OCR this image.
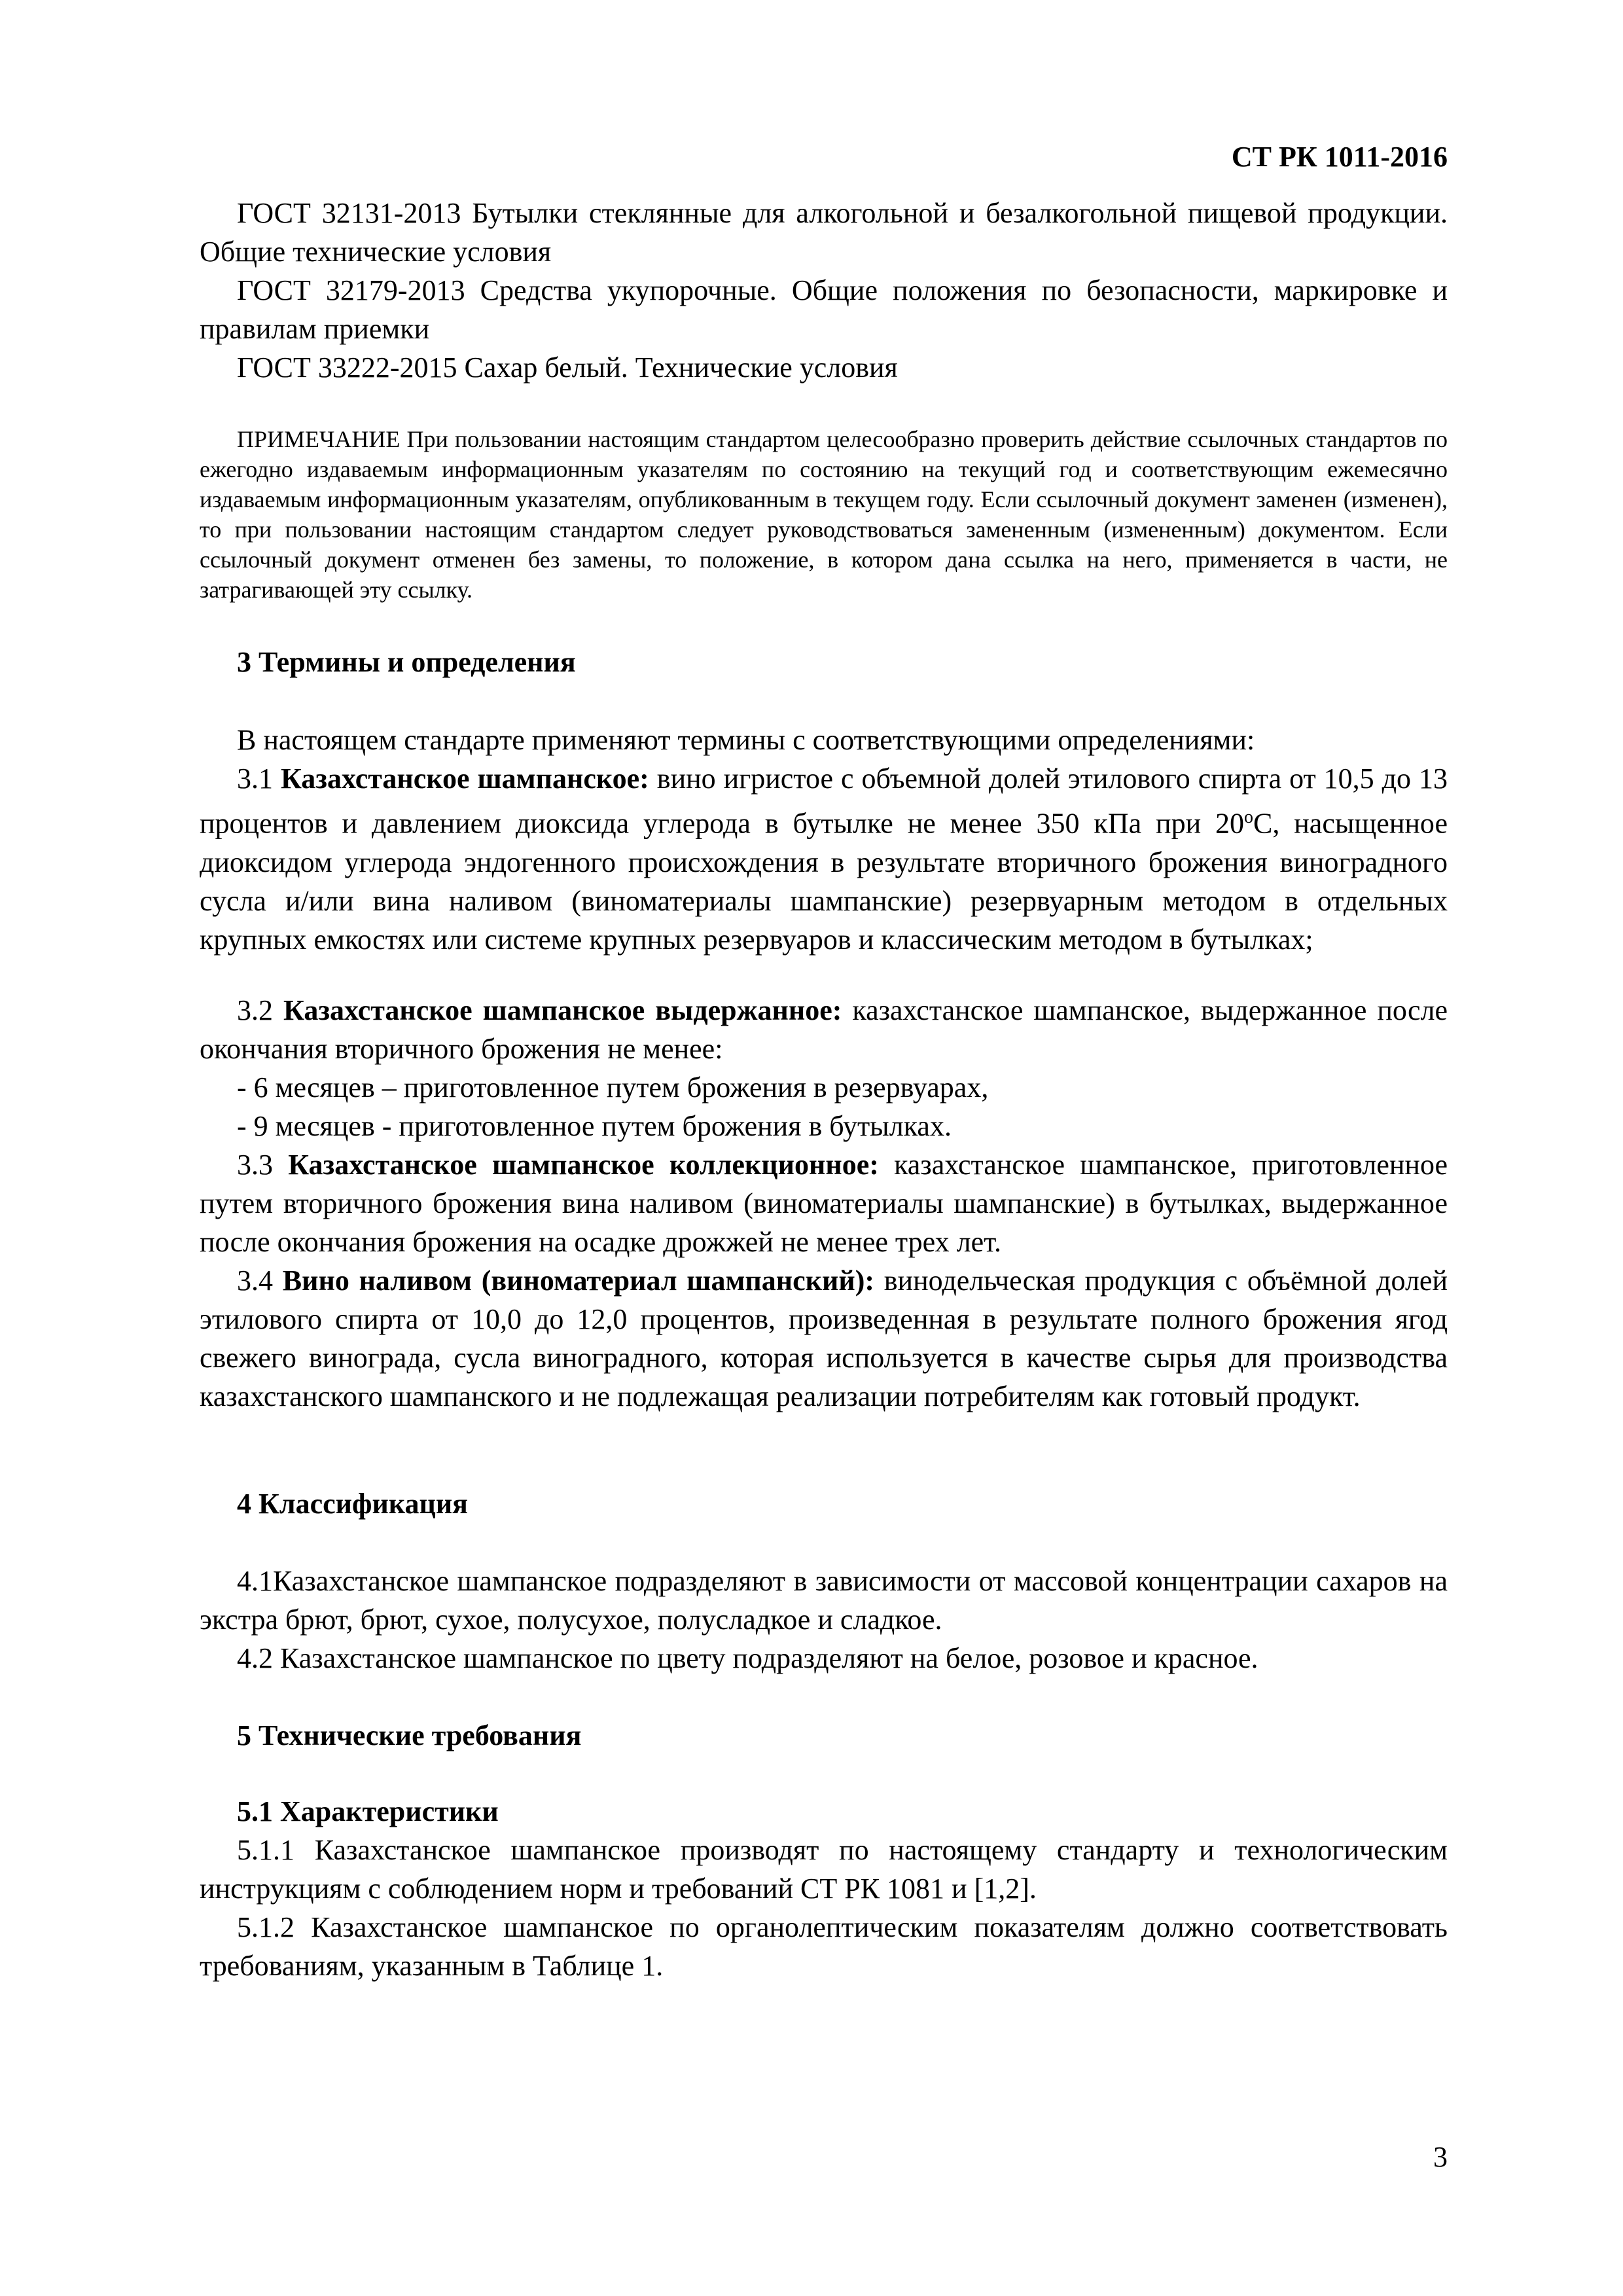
СТ РК 1011-2016

ГОСТ 32131-2013 Бутылки стеклянные для алкогольной и безалкогольной пищевой продукции. Общие технические условия

ГОСТ 32179-2013 Средства укупорочные. Общие положения по безопасности, маркировке и правилам приемки

ГОСТ 33222-2015 Сахар белый. Технические условия

ПРИМЕЧАНИЕ При пользовании настоящим стандартом целесообразно проверить действие ссылочных стандартов по ежегодно издаваемым информационным указателям по состоянию на текущий год и соответствующим ежемесячно издаваемым информационным указателям, опубликованным в текущем году. Если ссылочный документ заменен (изменен), то при пользовании настоящим стандартом следует руководствоваться замененным (измененным) документом. Если ссылочный документ отменен без замены, то положение, в котором дана ссылка на него, применяется в части, не затрагивающей эту ссылку.

3 Термины и определения

В настоящем стандарте применяют термины с соответствующими определениями:

3.1 Казахстанское шампанское: вино игристое с объемной долей этилового спирта от 10,5 до 13 процентов и давлением диоксида углерода в бутылке не менее 350 кПа при $20^оС$, насыщенное диоксидом углерода эндогенного происхождения в результате вторичного брожения виноградного сусла и/или вина наливом (виноматериалы шампанские) резервуарным методом в отдельных крупных емкостях или системе крупных резервуаров и классическим методом в бутылках;

3.2 Казахстанское шампанское выдержанное: казахстанское шампанское, выдержанное после окончания вторичного брожения не менее:

- 6 месяцев – приготовленное путем брожения в резервуарах,

- 9 месяцев - приготовленное путем брожения в бутылках.

3.3 Казахстанское шампанское коллекционное: казахстанское шампанское, приготовленное путем вторичного брожения вина наливом (виноматериалы шампанские) в бутылках, выдержанное после окончания брожения на осадке дрожжей не менее трех лет.

3.4 Вино наливом (виноматериал шампанский): винодельческая продукция с объёмной долей этилового спирта от 10,0 до 12,0 процентов, произведенная в результате полного брожения ягод свежего винограда, сусла виноградного, которая используется в качестве сырья для производства казахстанского шампанского и не подлежащая реализации потребителям как готовый продукт.

4 Классификация

4.1Казахстанское шампанское подразделяют в зависимости от массовой концентрации сахаров на экстра брют, брют, сухое, полусухое, полусладкое и сладкое.

4.2 Казахстанское шампанское по цвету подразделяют на белое, розовое и красное.

5 Технические требования
5.1 Характеристики

5.1.1 Казахстанское шампанское производят по настоящему стандарту и технологическим инструкциям с соблюдением норм и требований СТ РК 1081 и [1,2].

5.1.2 Казахстанское шампанское по органолептическим показателям должно соответствовать требованиям, указанным в Таблице 1.

3
